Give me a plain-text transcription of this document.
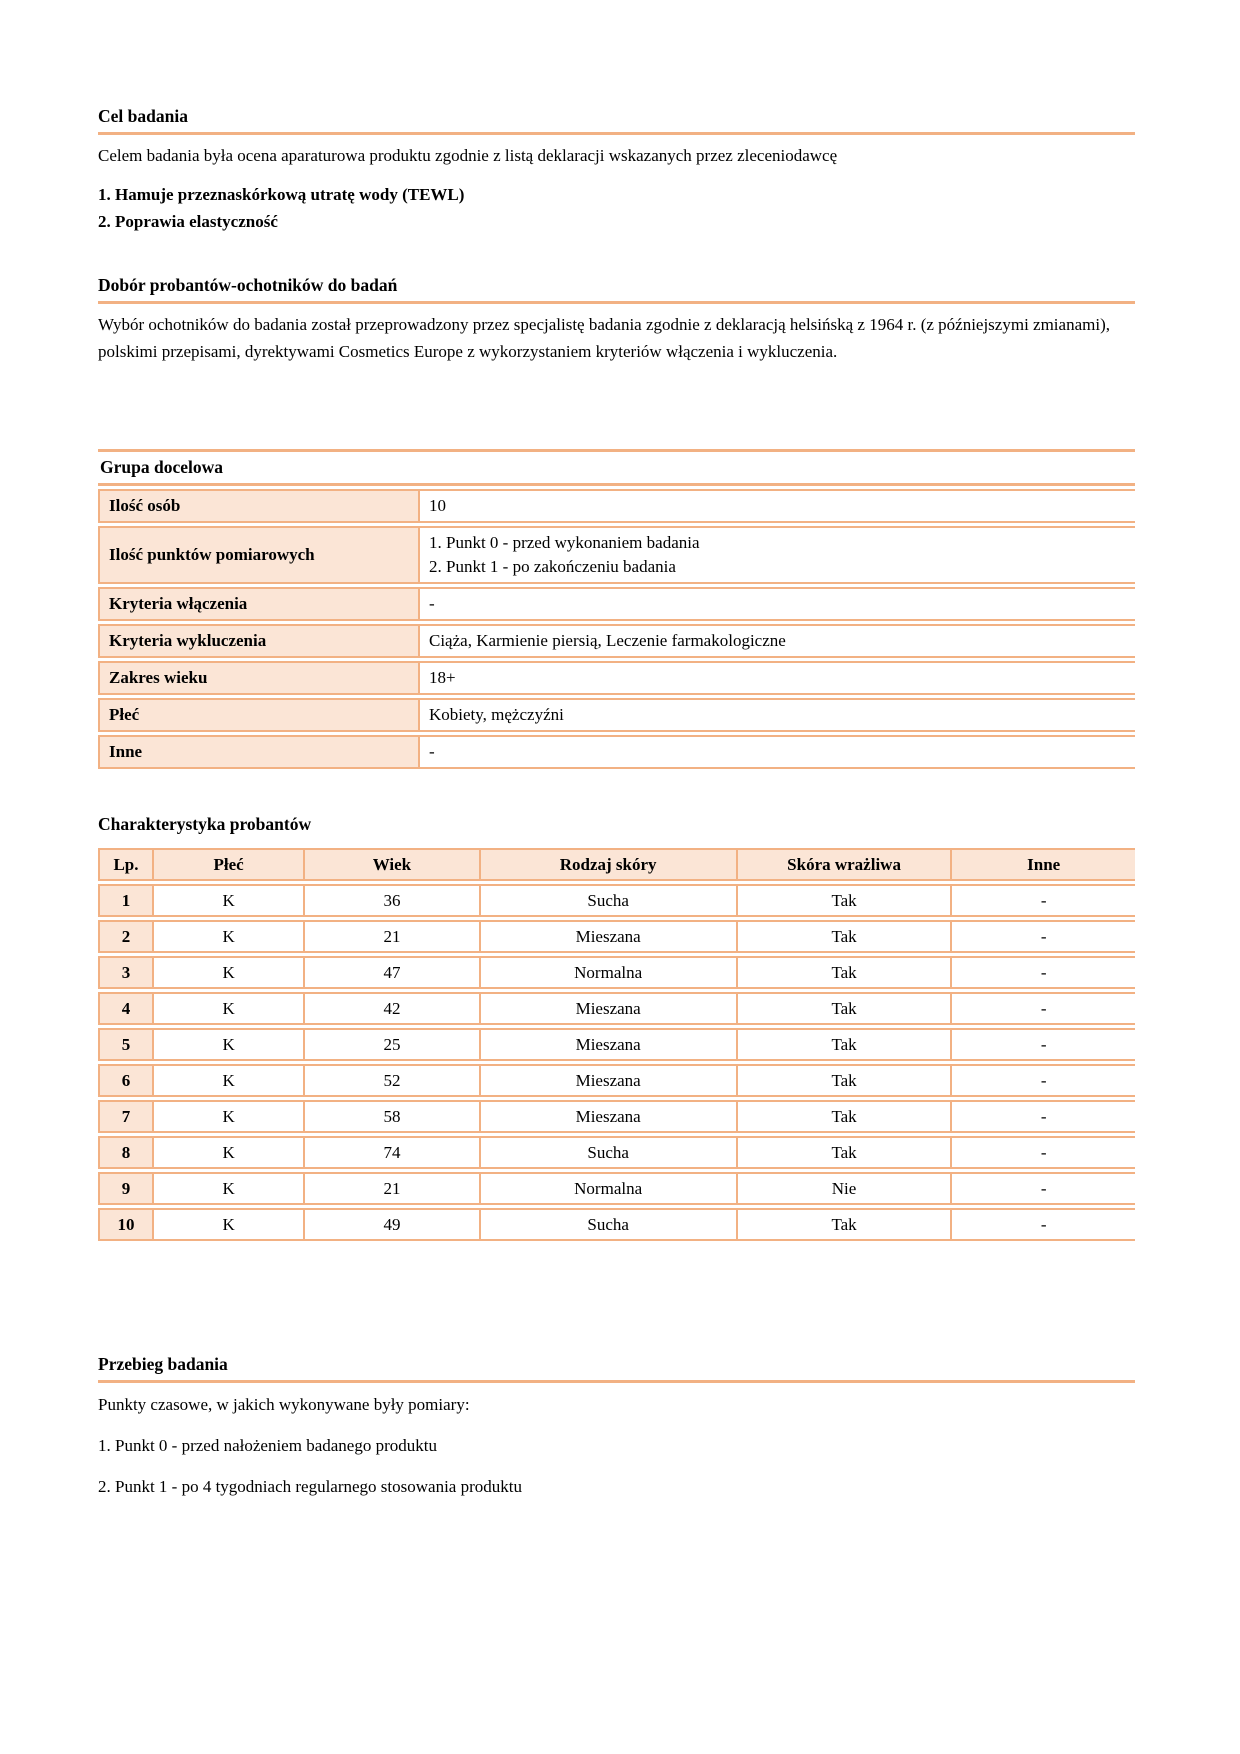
Cel badania
Celem badania była ocena aparaturowa produktu zgodnie z listą deklaracji wskazanych przez zleceniodawcę
1. Hamuje przeznaskórkową utratę wody (TEWL)
2. Poprawia elastyczność
Dobór probantów-ochotników do badań
Wybór ochotników do badania został przeprowadzony przez specjalistę badania zgodnie z deklaracją helsińską z 1964 r. (z późniejszymi zmianami), polskimi przepisami, dyrektywami Cosmetics Europe z wykorzystaniem kryteriów włączenia i wykluczenia.
Grupa docelowa
Ilość osób	10

Ilość punktów pomiarowych	1. Punkt 0 - przed wykonaniem badania
2. Punkt 1 - po zakończeniu badania

Kryteria włączenia	-

Kryteria wykluczenia	Ciąża, Karmienie piersią, Leczenie farmakologiczne

Zakres wieku	18+

Płeć	Kobiety, mężczyźni

Inne	-
Charakterystyka probantów
Lp.	Płeć	Wiek	Rodzaj skóry	Skóra wrażliwa	Inne
1	K	36	Sucha	Tak	-
2	K	21	Mieszana	Tak	-
3	K	47	Normalna	Tak	-
4	K	42	Mieszana	Tak	-
5	K	25	Mieszana	Tak	-
6	K	52	Mieszana	Tak	-
7	K	58	Mieszana	Tak	-
8	K	74	Sucha	Tak	-
9	K	21	Normalna	Nie	-
10	K	49	Sucha	Tak	-
Przebieg badania
Punkty czasowe, w jakich wykonywane były pomiary:
1. Punkt 0 - przed nałożeniem badanego produktu
2. Punkt 1 - po 4 tygodniach regularnego stosowania produktu
